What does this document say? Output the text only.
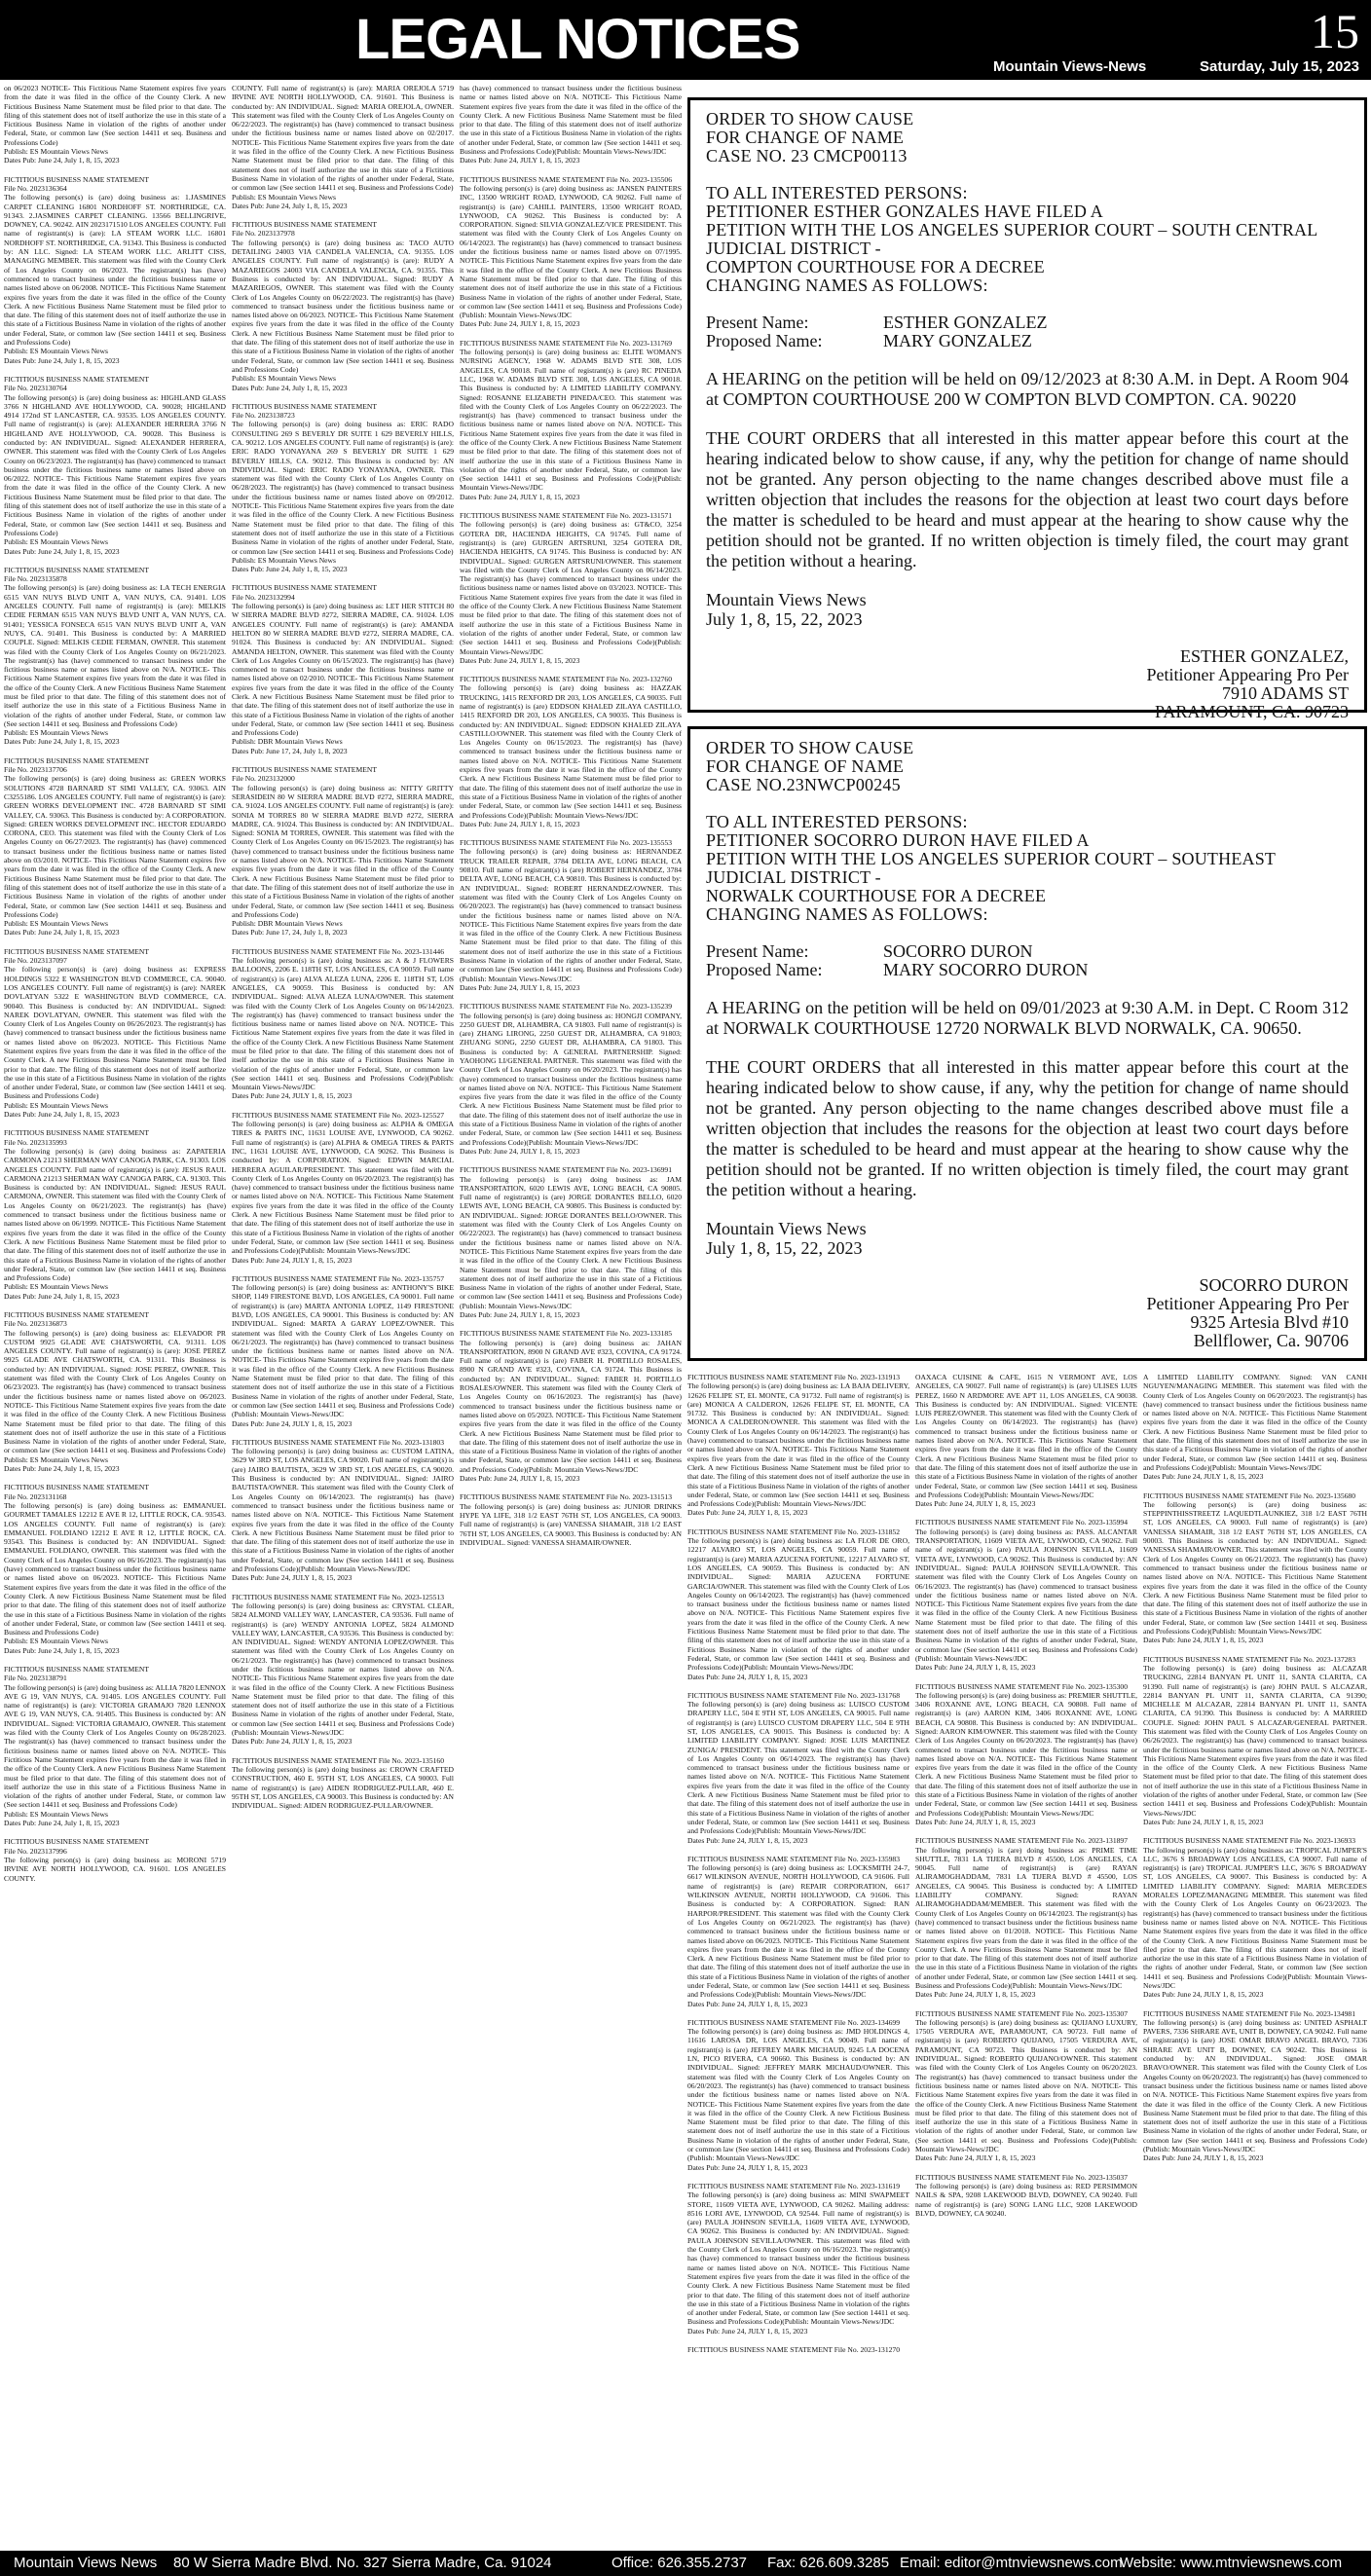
LEGAL NOTICES	15
Mountain Views-News	Saturday, July 15, 2023

on 06/2023 NOTICE- This Fictitious Name Statement expires five years from the date it was filed in the office of the County Clerk. A new Fictitious Business Name Statement must be filed prior to that date. The filing of this statement does not of itself authorize the use in this state of a Fictitious Business Name in violation of the rights of another under Federal, State, or common law (See section 14411 et seq. Business and Professions Code)

Publish: ES Mountain Views News

Dates Pub: June 24, July 1, 8, 15, 2023

FICTITIOUS BUSINESS NAME STATEMENT

File No. 2023136364

The following person(s) is (are) doing business as: 1.JASMINES CARPET CLEANING 16801 NORDHOFF ST. NORTHRIDGE, CA. 91343. 2.JASMINES CARPET CLEANING. 13566 BELLINGRIVE, DOWNEY, CA. 90242. AIN 2023171510 LOS ANGELES COUNTY. Full name of registrant(s) is (are): LA STEAM WORK LLC. 16801 NORDHOFF ST. NORTHRIDGE, CA. 91343. This Business is conducted by: AN LLC. Signed: LA STEAM WORK LLC. ARLITT CISS, MANAGING MEMBER. This statement was filed with the County Clerk of Los Angeles County on 06/2023. The registrant(s) has (have) commenced to transact business under the fictitious business name or names listed above on 06/2008. NOTICE- This Fictitious Name Statement expires five years from the date it was filed in the office of the County Clerk. A new Fictitious Business Name Statement must be filed prior to that date. The filing of this statement does not of itself authorize the use in this state of a Fictitious Business Name in violation of the rights of another under Federal, State, or common law (See section 14411 et seq. Business and Professions Code)

Publish: ES Mountain Views News

Dates Pub: June 24, July 1, 8, 15, 2023

FICTITIOUS BUSINESS NAME STATEMENT

File No. 2023130764

The following person(s) is (are) doing business as: HIGHLAND GLASS 3766 N HIGHLAND AVE HOLLYWOOD, CA. 90028; HIGHLAND 4914 172nd ST LANCASTER, CA. 93535. LOS ANGELES COUNTY. Full name of registrant(s) is (are): ALEXANDER HERRERA 3766 N HIGHLAND AVE HOLLYWOOD, CA. 90028. This Business is conducted by: AN INDIVIDUAL. Signed: ALEXANDER HERRERA, OWNER. This statement was filed with the County Clerk of Los Angeles County on 06/23/2023. The registrant(s) has (have) commenced to transact business under the fictitious business name or names listed above on 06/2022. NOTICE- This Fictitious Name Statement expires five years from the date it was filed in the office of the County Clerk. A new Fictitious Business Name Statement must be filed prior to that date. The filing of this statement does not of itself authorize the use in this state of a Fictitious Business Name in violation of the rights of another under Federal, State, or common law (See section 14411 et seq. Business and Professions Code)

Publish: ES Mountain Views News

Dates Pub: June 24, July 1, 8, 15, 2023

FICTITIOUS BUSINESS NAME STATEMENT

File No. 2023135878

The following person(s) is (are) doing business as: LA TECH ENERGIA 6515 VAN NUYS BLVD UNIT A, VAN NUYS, CA. 91401. LOS ANGELES COUNTY. Full name of registrant(s) is (are): MELKIS CEDIE FERMAN 6515 VAN NUYS BLVD UNIT A, VAN NUYS, CA. 91401; YESSICA FONSECA 6515 VAN NUYS BLVD UNIT A, VAN NUYS, CA. 91401. This Business is conducted by: A MARRIED COUPLE. Signed: MELKIS CEDIE FERMAN, OWNER. This statement was filed with the County Clerk of Los Angeles County on 06/21/2023. The registrant(s) has (have) commenced to transact business under the fictitious business name or names listed above on N/A. NOTICE- This Fictitious Name Statement expires five years from the date it was filed in the office of the County Clerk. A new Fictitious Business Name Statement must be filed prior to that date. The filing of this statement does not of itself authorize the use in this state of a Fictitious Business Name in violation of the rights of another under Federal, State, or common law (See section 14411 et seq. Business and Professions Code)

Publish: ES Mountain Views News

Dates Pub: June 24, July 1, 8, 15, 2023

FICTITIOUS BUSINESS NAME STATEMENT

File No. 2023137706

The following person(s) is (are) doing business as: GREEN WORKS SOLUTIONS 4728 BARNARD ST SIMI VALLEY, CA. 93063. AIN C3255186. LOS ANGELES COUNTY. Full name of registrant(s) is (are): GREEN WORKS DEVELOPMENT INC. 4728 BARNARD ST SIMI VALLEY, CA. 93063. This Business is conducted by: A CORPORATION. Signed: GREEN WORKS DEVELOPMENT INC. HECTOR EDUARDO CORONA, CEO. This statement was filed with the County Clerk of Los Angeles County on 06/27/2023. The registrant(s) has (have) commenced to transact business under the fictitious business name or names listed above on 03/2010. NOTICE- This Fictitious Name Statement expires five years from the date it was filed in the office of the County Clerk. A new Fictitious Business Name Statement must be filed prior to that date. The filing of this statement does not of itself authorize the use in this state of a Fictitious Business Name in violation of the rights of another under Federal, State, or common law (See section 14411 et seq. Business and Professions Code)

Publish: ES Mountain Views News

Dates Pub: June 24, July 1, 8, 15, 2023

FICTITIOUS BUSINESS NAME STATEMENT

File No. 2023137097

The following person(s) is (are) doing business as: EXPRESS HOLDINGS 5322 E WASHINGTON BLVD COMMERCE, CA. 90040. LOS ANGELES COUNTY. Full name of registrant(s) is (are): NAREK DOVLATYAN 5322 E WASHINGTON BLVD COMMERCE, CA. 90040. This Business is conducted by: AN INDIVIDUAL. Signed: NAREK DOVLATYAN, OWNER. This statement was filed with the County Clerk of Los Angeles County on 06/26/2023. The registrant(s) has (have) commenced to transact business under the fictitious business name or names listed above on 06/2023. NOTICE- This Fictitious Name Statement expires five years from the date it was filed in the office of the County Clerk. A new Fictitious Business Name Statement must be filed prior to that date. The filing of this statement does not of itself authorize the use in this state of a Fictitious Business Name in violation of the rights of another under Federal, State, or common law (See section 14411 et seq. Business and Professions Code)

Publish: ES Mountain Views News

Dates Pub: June 24, July 1, 8, 15, 2023

FICTITIOUS BUSINESS NAME STATEMENT

File No. 2023135993

The following person(s) is (are) doing business as: ZAPATERIA CARMONA 21213 SHERMAN WAY CANOGA PARK, CA. 91303. LOS ANGELES COUNTY. Full name of registrant(s) is (are): JESUS RAUL CARMONA 21213 SHERMAN WAY CANOGA PARK, CA. 91303. This Business is conducted by: AN INDIVIDUAL. Signed: JESUS RAUL CARMONA, OWNER. This statement was filed with the County Clerk of Los Angeles County on 06/21/2023. The registrant(s) has (have) commenced to transact business under the fictitious business name or names listed above on 06/1999. NOTICE- This Fictitious Name Statement expires five years from the date it was filed in the office of the County Clerk. A new Fictitious Business Name Statement must be filed prior to that date. The filing of this statement does not of itself authorize the use in this state of a Fictitious Business Name in violation of the rights of another under Federal, State, or common law (See section 14411 et seq. Business and Professions Code)

Publish: ES Mountain Views News

Dates Pub: June 24, July 1, 8, 15, 2023

FICTITIOUS BUSINESS NAME STATEMENT

File No. 2023136873

The following person(s) is (are) doing business as: ELEVADOR PR CUSTOM 9925 GLADE AVE CHATSWORTH, CA. 91311. LOS ANGELES COUNTY. Full name of registrant(s) is (are): JOSE PEREZ 9925 GLADE AVE CHATSWORTH, CA. 91311. This Business is conducted by: AN INDIVIDUAL. Signed: JOSE PEREZ, OWNER. This statement was filed with the County Clerk of Los Angeles County on 06/23/2023. The registrant(s) has (have) commenced to transact business under the fictitious business name or names listed above on 06/2023. NOTICE- This Fictitious Name Statement expires five years from the date it was filed in the office of the County Clerk. A new Fictitious Business Name Statement must be filed prior to that date. The filing of this statement does not of itself authorize the use in this state of a Fictitious Business Name in violation of the rights of another under Federal, State, or common law (See section 14411 et seq. Business and Professions Code)

Publish: ES Mountain Views News

Dates Pub: June 24, July 1, 8, 15, 2023

FICTITIOUS BUSINESS NAME STATEMENT

File No. 2023131168

The following person(s) is (are) doing business as: EMMANUEL GOURMET TAMALES 12212 E AVE R 12, LITTLE ROCK, CA. 93543. LOS ANGELES COUNTY. Full name of registrant(s) is (are): EMMANUEL FOLDIANO 12212 E AVE R 12, LITTLE ROCK, CA. 93543. This Business is conducted by: AN INDIVIDUAL. Signed: EMMANUEL FOLDIANO, OWNER. This statement was filed with the County Clerk of Los Angeles County on 06/16/2023. The registrant(s) has (have) commenced to transact business under the fictitious business name or names listed above on 06/2023. NOTICE- This Fictitious Name Statement expires five years from the date it was filed in the office of the County Clerk. A new Fictitious Business Name Statement must be filed prior to that date. The filing of this statement does not of itself authorize the use in this state of a Fictitious Business Name in violation of the rights of another under Federal, State, or common law (See section 14411 et seq. Business and Professions Code)

Publish: ES Mountain Views News

Dates Pub: June 24, July 1, 8, 15, 2023

FICTITIOUS BUSINESS NAME STATEMENT

File No. 2023138791

The following person(s) is (are) doing business as: ALLIA 7820 LENNOX AVE G 19, VAN NUYS, CA. 91405. LOS ANGELES COUNTY. Full name of registrant(s) is (are): VICTORIA GRAMAJO 7820 LENNOX AVE G 19, VAN NUYS, CA. 91405. This Business is conducted by: AN INDIVIDUAL. Signed: VICTORIA GRAMAJO, OWNER. This statement was filed with the County Clerk of Los Angeles County on 06/28/2023. The registrant(s) has (have) commenced to transact business under the fictitious business name or names listed above on N/A. NOTICE- This Fictitious Name Statement expires five years from the date it was filed in the office of the County Clerk. A new Fictitious Business Name Statement must be filed prior to that date. The filing of this statement does not of itself authorize the use in this state of a Fictitious Business Name in violation of the rights of another under Federal, State, or common law (See section 14411 et seq. Business and Professions Code)

Publish: ES Mountain Views News

Dates Pub: June 24, July 1, 8, 15, 2023

FICTITIOUS BUSINESS NAME STATEMENT

File No. 2023137996

The following person(s) is (are) doing business as: MORONI 5719 IRVINE AVE NORTH HOLLYWOOD, CA. 91601. LOS ANGELES COUNTY.

COUNTY. Full name of registrant(s) is (are): MARIA OREJOLA 5719 IRVINE AVE NORTH HOLLYWOOD, CA. 91601. This Business is conducted by: AN INDIVIDUAL. Signed: MARIA OREJOLA, OWNER. This statement was filed with the County Clerk of Los Angeles County on 06/22/2023. The registrant(s) has (have) commenced to transact business under the fictitious business name or names listed above on 02/2017. NOTICE- This Fictitious Name Statement expires five years from the date it was filed in the office of the County Clerk. A new Fictitious Business Name Statement must be filed prior to that date. The filing of this statement does not of itself authorize the use in this state of a Fictitious Business Name in violation of the rights of another under Federal, State, or common law (See section 14411 et seq. Business and Professions Code)

Publish: ES Mountain Views News

Dates Pub: June 24, July 1, 8, 15, 2023

FICTITIOUS BUSINESS NAME STATEMENT

File No. 2023137978

The following person(s) is (are) doing business as: TACO AUTO DETAILING 24003 VIA CANDELA VALENCIA, CA. 91355. LOS ANGELES COUNTY. Full name of registrant(s) is (are): RUDY A MAZARIEGOS 24003 VIA CANDELA VALENCIA, CA. 91355. This Business is conducted by: AN INDIVIDUAL. Signed: RUDY A MAZARIEGOS, OWNER. This statement was filed with the County Clerk of Los Angeles County on 06/22/2023. The registrant(s) has (have) commenced to transact business under the fictitious business name or names listed above on 06/2023. NOTICE- This Fictitious Name Statement expires five years from the date it was filed in the office of the County Clerk. A new Fictitious Business Name Statement must be filed prior to that date. The filing of this statement does not of itself authorize the use in this state of a Fictitious Business Name in violation of the rights of another under Federal, State, or common law (See section 14411 et seq. Business and Professions Code)

Publish: ES Mountain Views News

Dates Pub: June 24, July 1, 8, 15, 2023

FICTITIOUS BUSINESS NAME STATEMENT

File No. 2023138723

The following person(s) is (are) doing business as: ERIC RADO CONSULTING 269 S BEVERLY DR SUITE 1 629 BEVERLY HILLS, CA. 90212. LOS ANGELES COUNTY. Full name of registrant(s) is (are): ERIC RADO YONAYANA 269 S BEVERLY DR SUITE 1 629 BEVERLY HILLS, CA. 90212. This Business is conducted by: AN INDIVIDUAL. Signed: ERIC RADO YONAYANA, OWNER. This statement was filed with the County Clerk of Los Angeles County on 06/28/2023. The registrant(s) has (have) commenced to transact business under the fictitious business name or names listed above on 09/2012. NOTICE- This Fictitious Name Statement expires five years from the date it was filed in the office of the County Clerk. A new Fictitious Business Name Statement must be filed prior to that date. The filing of this statement does not of itself authorize the use in this state of a Fictitious Business Name in violation of the rights of another under Federal, State, or common law (See section 14411 et seq. Business and Professions Code)

Publish: ES Mountain Views News

Dates Pub: June 24, July 1, 8, 15, 2023

FICTITIOUS BUSINESS NAME STATEMENT

File No. 2023132994

The following person(s) is (are) doing business as: LET HER STITCH 80 W SIERRA MADRE BLVD #272, SIERRA MADRE, CA. 91024. LOS ANGELES COUNTY. Full name of registrant(s) is (are): AMANDA HELTON 80 W SIERRA MADRE BLVD #272, SIERRA MADRE, CA. 91024. This Business is conducted by: AN INDIVIDUAL. Signed: AMANDA HELTON, OWNER. This statement was filed with the County Clerk of Los Angeles County on 06/15/2023. The registrant(s) has (have) commenced to transact business under the fictitious business name or names listed above on 02/2010. NOTICE- This Fictitious Name Statement expires five years from the date it was filed in the office of the County Clerk. A new Fictitious Business Name Statement must be filed prior to that date. The filing of this statement does not of itself authorize the use in this state of a Fictitious Business Name in violation of the rights of another under Federal, State, or common law (See section 14411 et seq. Business and Professions Code)

Publish: DBR Mountain Views News

Dates Pub: June 17, 24, July 1, 8, 2023

FICTITIOUS BUSINESS NAME STATEMENT

File No. 2023132000

The following person(s) is (are) doing business as: NITTY GRITTY SERASIDEIN 80 W SIERRA MADRE BLVD #272, SIERRA MADRE, CA. 91024. LOS ANGELES COUNTY. Full name of registrant(s) is (are): SONIA M TORRES 80 W SIERRA MADRE BLVD #272, SIERRA MADRE, CA. 91024. This Business is conducted by: AN INDIVIDUAL. Signed: SONIA M TORRES, OWNER. This statement was filed with the County Clerk of Los Angeles County on 06/15/2023. The registrant(s) has (have) commenced to transact business under the fictitious business name or names listed above on N/A. NOTICE- This Fictitious Name Statement expires five years from the date it was filed in the office of the County Clerk. A new Fictitious Business Name Statement must be filed prior to that date. The filing of this statement does not of itself authorize the use in this state of a Fictitious Business Name in violation of the rights of another under Federal, State, or common law (See section 14411 et seq. Business and Professions Code)

Publish: DBR Mountain Views News

Dates Pub: June 17, 24, July 1, 8, 2023

FICTITIOUS BUSINESS NAME STATEMENT File No. 2023-131446

The following person(s) is (are) doing business as: A & J FLOWERS BALLOONS, 2206 E. 118TH ST, LOS ANGELES, CA 90059. Full name of registrant(s) is (are) ALVA ALEZA LUNA, 2206 E. 118TH ST, LOS ANGELES, CA 90059. This Business is conducted by: AN INDIVIDUAL. Signed: ALVA ALEZA LUNA/OWNER. This statement was filed with the County Clerk of Los Angeles County on 06/14/2023. The registrant(s) has (have) commenced to transact business under the fictitious business name or names listed above on N/A. NOTICE- This Fictitious Name Statement expires five years from the date it was filed in the office of the County Clerk. A new Fictitious Business Name Statement must be filed prior to that date. The filing of this statement does not of itself authorize the use in this state of a Fictitious Business Name in violation of the rights of another under Federal, State, or common law (See section 14411 et seq. Business and Professions Code)(Publish: Mountain Views-News/JDC

Dates Pub: June 24, JULY 1, 8, 15, 2023

FICTITIOUS BUSINESS NAME STATEMENT File No. 2023-125527

The following person(s) is (are) doing business as: ALPHA & OMEGA TIRES & PARTS INC, 11631 LOUISE AVE, LYNWOOD, CA 90262. Full name of registrant(s) is (are) ALPHA & OMEGA TIRES & PARTS INC, 11631 LOUISE AVE, LYNWOOD, CA 90262. This Business is conducted by: A CORPORATION. Signed: EDWIN MARCIAL HERRERA AGUILAR/PRESIDENT. This statement was filed with the County Clerk of Los Angeles County on 06/20/2023. The registrant(s) has (have) commenced to transact business under the fictitious business name or names listed above on N/A. NOTICE- This Fictitious Name Statement expires five years from the date it was filed in the office of the County Clerk. A new Fictitious Business Name Statement must be filed prior to that date. The filing of this statement does not of itself authorize the use in this state of a Fictitious Business Name in violation of the rights of another under Federal, State, or common law (See section 14411 et seq. Business and Professions Code)(Publish: Mountain Views-News/JDC

Dates Pub: June 24, JULY 1, 8, 15, 2023

FICTITIOUS BUSINESS NAME STATEMENT File No. 2023-135757

The following person(s) is (are) doing business as: ANTHONY'S BIKE SHOP, 1149 FIRESTONE BLVD, LOS ANGELES, CA 90001. Full name of registrant(s) is (are) MARTA ANTONIA LOPEZ, 1149 FIRESTONE BLVD, LOS ANGELES, CA 90001. This Business is conducted by: AN INDIVIDUAL. Signed: MARTA A GARAY LOPEZ/OWNER. This statement was filed with the County Clerk of Los Angeles County on 06/21/2023. The registrant(s) has (have) commenced to transact business under the fictitious business name or names listed above on N/A. NOTICE- This Fictitious Name Statement expires five years from the date it was filed in the office of the County Clerk. A new Fictitious Business Name Statement must be filed prior to that date. The filing of this statement does not of itself authorize the use in this state of a Fictitious Business Name in violation of the rights of another under Federal, State, or common law (See section 14411 et seq. Business and Professions Code)(Publish: Mountain Views-News/JDC

Dates Pub: June 24, JULY 1, 8, 15, 2023

FICTITIOUS BUSINESS NAME STATEMENT File No. 2023-131803

The following person(s) is (are) doing business as: CUSTOM LATINA, 3629 W 3RD ST, LOS ANGELES, CA 90020. Full name of registrant(s) is (are) JAIRO BAUTISTA, 3629 W 3RD ST, LOS ANGELES, CA 90020. This Business is conducted by: AN INDIVIDUAL. Signed: JAIRO BAUTISTA/OWNER. This statement was filed with the County Clerk of Los Angeles County on 06/14/2023. The registrant(s) has (have) commenced to transact business under the fictitious business name or names listed above on N/A. NOTICE- This Fictitious Name Statement expires five years from the date it was filed in the office of the County Clerk. A new Fictitious Business Name Statement must be filed prior to that date. The filing of this statement does not of itself authorize the use in this state of a Fictitious Business Name in violation of the rights of another under Federal, State, or common law (See section 14411 et seq. Business and Professions Code)(Publish: Mountain Views-News/JDC

Dates Pub: June 24, JULY 1, 8, 15, 2023

FICTITIOUS BUSINESS NAME STATEMENT File No. 2023-125513

The following person(s) is (are) doing business as: CRYSTAL CLEAR, 5824 ALMOND VALLEY WAY, LANCASTER, CA 93536. Full name of registrant(s) is (are) WENDY ANTONIA LOPEZ, 5824 ALMOND VALLEY WAY, LANCASTER, CA 93536. This Business is conducted by: AN INDIVIDUAL. Signed: WENDY ANTONIA LOPEZ/OWNER. This statement was filed with the County Clerk of Los Angeles County on 06/21/2023. The registrant(s) has (have) commenced to transact business under the fictitious business name or names listed above on N/A. NOTICE- This Fictitious Name Statement expires five years from the date it was filed in the office of the County Clerk. A new Fictitious Business Name Statement must be filed prior to that date. The filing of this statement does not of itself authorize the use in this state of a Fictitious Business Name in violation of the rights of another under Federal, State, or common law (See section 14411 et seq. Business and Professions Code)(Publish: Mountain Views-News/JDC

Dates Pub: June 24, JULY 1, 8, 15, 2023

FICTITIOUS BUSINESS NAME STATEMENT File No. 2023-135160

The following person(s) is (are) doing business as: CROWN CRAFTED CONSTRUCTION, 460 E. 95TH ST, LOS ANGELES, CA 90003. Full name of registrant(s) is (are) AIDEN RODRIGUEZ-PULLAR, 460 E. 95TH ST, LOS ANGELES, CA 90003. This Business is conducted by: AN INDIVIDUAL. Signed: AIDEN RODRIGUEZ-PULLAR/OWNER.

has (have) commenced to transact business under the fictitious business name or names listed above on N/A. NOTICE- This Fictitious Name Statement expires five years from the date it was filed in the office of the County Clerk. A new Fictitious Business Name Statement must be filed prior to that date. The filing of this statement does not of itself authorize the use in this state of a Fictitious Business Name in violation of the rights of another under Federal, State, or common law (See section 14411 et seq. Business and Professions Code)(Publish: Mountain Views-News/JDC

Dates Pub: June 24, JULY 1, 8, 15, 2023

FICTITIOUS BUSINESS NAME STATEMENT File No. 2023-135506

The following person(s) is (are) doing business as: JANSEN PAINTERS INC, 13500 WRIGHT ROAD, LYNWOOD, CA 90262. Full name of registrant(s) is (are) CAHILL PAINTERS, 13500 WRIGHT ROAD, LYNWOOD, CA 90262. This Business is conducted by: A CORPORATION. Signed: SILVIA GONZALEZ/VICE PRESIDENT. This statement was filed with the County Clerk of Los Angeles County on 06/14/2023. The registrant(s) has (have) commenced to transact business under the fictitious business name or names listed above on 07/1995. NOTICE- This Fictitious Name Statement expires five years from the date it was filed in the office of the County Clerk. A new Fictitious Business Name Statement must be filed prior to that date. The filing of this statement does not of itself authorize the use in this state of a Fictitious Business Name in violation of the rights of another under Federal, State, or common law (See section 14411 et seq. Business and Professions Code)(Publish: Mountain Views-News/JDC

Dates Pub: June 24, JULY 1, 8, 15, 2023

FICTITIOUS BUSINESS NAME STATEMENT File No. 2023-131769

The following person(s) is (are) doing business as: ELITE WOMAN'S NURSING AGENCY, 1968 W. ADAMS BLVD STE 308, LOS ANGELES, CA 90018. Full name of registrant(s) is (are) RC PINEDA LLC, 1968 W. ADAMS BLVD STE 308, LOS ANGELES, CA 90018. This Business is conducted by: A LIMITED LIABILITY COMPANY. Signed: ROSANNE ELIZABETH PINEDA/CEO. This statement was filed with the County Clerk of Los Angeles County on 06/22/2023. The registrant(s) has (have) commenced to transact business under the fictitious business name or names listed above on N/A. NOTICE- This Fictitious Name Statement expires five years from the date it was filed in the office of the County Clerk. A new Fictitious Business Name Statement must be filed prior to that date. The filing of this statement does not of itself authorize the use in this state of a Fictitious Business Name in violation of the rights of another under Federal, State, or common law (See section 14411 et seq. Business and Professions Code)(Publish: Mountain Views-News/JDC

Dates Pub: June 24, JULY 1, 8, 15, 2023

FICTITIOUS BUSINESS NAME STATEMENT File No. 2023-131571

The following person(s) is (are) doing business as: GT&CO, 3254 GOTERA DR, HACIENDA HEIGHTS, CA 91745. Full name of registrant(s) is (are) GURGEN ARTSRUNI, 3254 GOTERA DR, HACIENDA HEIGHTS, CA 91745. This Business is conducted by: AN INDIVIDUAL. Signed: GURGEN ARTSRUNI/OWNER. This statement was filed with the County Clerk of Los Angeles County on 06/14/2023. The registrant(s) has (have) commenced to transact business under the fictitious business name or names listed above on 03/2023. NOTICE- This Fictitious Name Statement expires five years from the date it was filed in the office of the County Clerk. A new Fictitious Business Name Statement must be filed prior to that date. The filing of this statement does not of itself authorize the use in this state of a Fictitious Business Name in violation of the rights of another under Federal, State, or common law (See section 14411 et seq. Business and Professions Code)(Publish: Mountain Views-News/JDC

Dates Pub: June 24, JULY 1, 8, 15, 2023

FICTITIOUS BUSINESS NAME STATEMENT File No. 2023-132760

The following person(s) is (are) doing business as: HAZZAK TRUCKING, 1415 REXFORD DR 203, LOS ANGELES, CA 90035. Full name of registrant(s) is (are) EDDSON KHALED ZILAYA CASTILLO, 1415 REXFORD DR 203, LOS ANGELES, CA 90035. This Business is conducted by: AN INDIVIDUAL. Signed: EDDSON KHALED ZILAYA CASTILLO/OWNER. This statement was filed with the County Clerk of Los Angeles County on 06/15/2023. The registrant(s) has (have) commenced to transact business under the fictitious business name or names listed above on N/A. NOTICE- This Fictitious Name Statement expires five years from the date it was filed in the office of the County Clerk. A new Fictitious Business Name Statement must be filed prior to that date. The filing of this statement does not of itself authorize the use in this state of a Fictitious Business Name in violation of the rights of another under Federal, State, or common law (See section 14411 et seq. Business and Professions Code)(Publish: Mountain Views-News/JDC

Dates Pub: June 24, JULY 1, 8, 15, 2023

FICTITIOUS BUSINESS NAME STATEMENT File No. 2023-135553

The following person(s) is (are) doing business as: HERNANDEZ TRUCK TRAILER REPAIR, 3784 DELTA AVE, LONG BEACH, CA 90810. Full name of registrant(s) is (are) ROBERT HERNANDEZ, 3784 DELTA AVE, LONG BEACH, CA 90810. This Business is conducted by: AN INDIVIDUAL. Signed: ROBERT HERNANDEZ/OWNER. This statement was filed with the County Clerk of Los Angeles County on 06/20/2023. The registrant(s) has (have) commenced to transact business under the fictitious business name or names listed above on N/A. NOTICE- This Fictitious Name Statement expires five years from the date it was filed in the office of the County Clerk. A new Fictitious Business Name Statement must be filed prior to that date. The filing of this statement does not of itself authorize the use in this state of a Fictitious Business Name in violation of the rights of another under Federal, State, or common law (See section 14411 et seq. Business and Professions Code)(Publish: Mountain Views-News/JDC

Dates Pub: June 24, JULY 1, 8, 15, 2023

FICTITIOUS BUSINESS NAME STATEMENT File No. 2023-135239

The following person(s) is (are) doing business as: HONGJI COMPANY, 2250 GUEST DR, ALHAMBRA, CA 91803. Full name of registrant(s) is (are) ZHANG LIRONG, 2250 GUEST DR, ALHAMBRA, CA 91803; ZHUANG SONG, 2250 GUEST DR, ALHAMBRA, CA 91803. This Business is conducted by: A GENERAL PARTNERSHIP. Signed: YAOHONG LI/GENERAL PARTNER. This statement was filed with the County Clerk of Los Angeles County on 06/20/2023. The registrant(s) has (have) commenced to transact business under the fictitious business name or names listed above on N/A. NOTICE- This Fictitious Name Statement expires five years from the date it was filed in the office of the County Clerk. A new Fictitious Business Name Statement must be filed prior to that date. The filing of this statement does not of itself authorize the use in this state of a Fictitious Business Name in violation of the rights of another under Federal, State, or common law (See section 14411 et seq. Business and Professions Code)(Publish: Mountain Views-News/JDC

Dates Pub: June 24, JULY 1, 8, 15, 2023

FICTITIOUS BUSINESS NAME STATEMENT File No. 2023-136991

The following person(s) is (are) doing business as: JAM TRANSPORTATION, 6020 LEWIS AVE, LONG BEACH, CA 90805. Full name of registrant(s) is (are) JORGE DORANTES BELLO, 6020 LEWIS AVE, LONG BEACH, CA 90805. This Business is conducted by: AN INDIVIDUAL. Signed: JORGE DORANTES BELLO/OWNER. This statement was filed with the County Clerk of Los Angeles County on 06/22/2023. The registrant(s) has (have) commenced to transact business under the fictitious business name or names listed above on N/A. NOTICE- This Fictitious Name Statement expires five years from the date it was filed in the office of the County Clerk. A new Fictitious Business Name Statement must be filed prior to that date. The filing of this statement does not of itself authorize the use in this state of a Fictitious Business Name in violation of the rights of another under Federal, State, or common law (See section 14411 et seq. Business and Professions Code)(Publish: Mountain Views-News/JDC

Dates Pub: June 24, JULY 1, 8, 15, 2023

FICTITIOUS BUSINESS NAME STATEMENT File No. 2023-133185

The following person(s) is (are) doing business as: JAHAN TRANSPORTATION, 8900 N GRAND AVE #323, COVINA, CA 91724. Full name of registrant(s) is (are) FABER H. PORTILLO ROSALES, 8900 N GRAND AVE #323, COVINA, CA 91724. This Business is conducted by: AN INDIVIDUAL. Signed: FABER H. PORTILLO ROSALES/OWNER. This statement was filed with the County Clerk of Los Angeles County on 06/16/2023. The registrant(s) has (have) commenced to transact business under the fictitious business name or names listed above on 05/2023. NOTICE- This Fictitious Name Statement expires five years from the date it was filed in the office of the County Clerk. A new Fictitious Business Name Statement must be filed prior to that date. The filing of this statement does not of itself authorize the use in this state of a Fictitious Business Name in violation of the rights of another under Federal, State, or common law (See section 14411 et seq. Business and Professions Code)(Publish: Mountain Views-News/JDC

Dates Pub: June 24, JULY 1, 8, 15, 2023

FICTITIOUS BUSINESS NAME STATEMENT File No. 2023-131513

The following person(s) is (are) doing business as: JUNIOR DRINKS HYPE YA LIFE, 318 1/2 EAST 76TH ST, LOS ANGELES, CA 90003. Full name of registrant(s) is (are) VANESSA SHAMAIR, 318 1/2 EAST 76TH ST, LOS ANGELES, CA 90003. This Business is conducted by: AN INDIVIDUAL. Signed: VANESSA SHAMAIR/OWNER.

FICTITIOUS BUSINESS NAME STATEMENT File No. 2023-131913

The following person(s) is (are) doing business as: LA BAJA DELIVERY, 12626 FELIPE ST, EL MONTE, CA 91732. Full name of registrant(s) is (are) MONICA A CALDERON, 12626 FELIPE ST, EL MONTE, CA 91732. This Business is conducted by: AN INDIVIDUAL. Signed: MONICA A CALDERON/OWNER. This statement was filed with the County Clerk of Los Angeles County on 06/14/2023. The registrant(s) has (have) commenced to transact business under the fictitious business name or names listed above on N/A. NOTICE- This Fictitious Name Statement expires five years from the date it was filed in the office of the County Clerk. A new Fictitious Business Name Statement must be filed prior to that date. The filing of this statement does not of itself authorize the use in this state of a Fictitious Business Name in violation of the rights of another under Federal, State, or common law (See section 14411 et seq. Business and Professions Code)(Publish: Mountain Views-News/JDC

Dates Pub: June 24, JULY 1, 8, 15, 2023

FICTITIOUS BUSINESS NAME STATEMENT File No. 2023-131852

The following person(s) is (are) doing business as: LA FLOR DE ORO, 12217 ALVARO ST, LOS ANGELES, CA 90059. Full name of registrant(s) is (are) MARIA AZUCENA FORTUNE, 12217 ALVARO ST, LOS ANGELES, CA 90059. This Business is conducted by: AN INDIVIDUAL. Signed: MARIA AZUCENA FORTUNE GARCIA/OWNER. This statement was filed with the County Clerk of Los Angeles County on 06/14/2023. The registrant(s) has (have) commenced to transact business under the fictitious business name or names listed above on N/A. NOTICE- This Fictitious Name Statement expires five years from the date it was filed in the office of the County Clerk. A new Fictitious Business Name Statement must be filed prior to that date. The filing of this statement does not of itself authorize the use in this state of a Fictitious Business Name in violation of the rights of another under Federal, State, or common law (See section 14411 et seq. Business and Professions Code)(Publish: Mountain Views-News/JDC

Dates Pub: June 24, JULY 1, 8, 15, 2023

FICTITIOUS BUSINESS NAME STATEMENT File No. 2023-131768

The following person(s) is (are) doing business as: LUISCO CUSTOM DRAPERY LLC, 504 E 9TH ST, LOS ANGELES, CA 90015. Full name of registrant(s) is (are) LUISCO CUSTOM DRAPERY LLC, 504 E 9TH ST, LOS ANGELES, CA 90015. This Business is conducted by: A LIMITED LIABILITY COMPANY. Signed: JOSE LUIS MARTINEZ ZUNIGA/ PRESIDENT. This statement was filed with the County Clerk of Los Angeles County on 06/14/2023. The registrant(s) has (have) commenced to transact business under the fictitious business name or names listed above on N/A. NOTICE- This Fictitious Name Statement expires five years from the date it was filed in the office of the County Clerk. A new Fictitious Business Name Statement must be filed prior to that date. The filing of this statement does not of itself authorize the use in this state of a Fictitious Business Name in violation of the rights of another under Federal, State, or common law (See section 14411 et seq. Business and Professions Code)(Publish: Mountain Views-News/JDC

Dates Pub: June 24, JULY 1, 8, 15, 2023

FICTITIOUS BUSINESS NAME STATEMENT File No. 2023-135983

The following person(s) is (are) doing business as: LOCKSMITH 24-7, 6617 WILKINSON AVENUE, NORTH HOLLYWOOD, CA 91606. Full name of registrant(s) is (are) REPAIR CORPORATION, 6617 WILKINSON AVENUE, NORTH HOLLYWOOD, CA 91606. This Business is conducted by: A CORPORATION. Signed: RAN HARPOR/PRESIDENT. This statement was filed with the County Clerk of Los Angeles County on 06/21/2023. The registrant(s) has (have) commenced to transact business under the fictitious business name or names listed above on 06/2023. NOTICE- This Fictitious Name Statement expires five years from the date it was filed in the office of the County Clerk. A new Fictitious Business Name Statement must be filed prior to that date. The filing of this statement does not of itself authorize the use in this state of a Fictitious Business Name in violation of the rights of another under Federal, State, or common law (See section 14411 et seq. Business and Professions Code)(Publish: Mountain Views-News/JDC

Dates Pub: June 24, JULY 1, 8, 15, 2023

FICTITIOUS BUSINESS NAME STATEMENT File No. 2023-134699

The following person(s) is (are) doing business as: JMD HOLDINGS 4, 11616 LAROSA DR, LOS ANGELES, CA 90049. Full name of registrant(s) is (are) JEFFREY MARK MICHAUD, 9245 LA DOCENA LN, PICO RIVERA, CA 90660. This Business is conducted by: AN INDIVIDUAL. Signed: JEFFREY MARK MICHAUD/OWNER. This statement was filed with the County Clerk of Los Angeles County on 06/20/2023. The registrant(s) has (have) commenced to transact business under the fictitious business name or names listed above on N/A. NOTICE- This Fictitious Name Statement expires five years from the date it was filed in the office of the County Clerk. A new Fictitious Business Name Statement must be filed prior to that date. The filing of this statement does not of itself authorize the use in this state of a Fictitious Business Name in violation of the rights of another under Federal, State, or common law (See section 14411 et seq. Business and Professions Code)(Publish: Mountain Views-News/JDC

Dates Pub: June 24, JULY 1, 8, 15, 2023

FICTITIOUS BUSINESS NAME STATEMENT File No. 2023-131619

The following person(s) is (are) doing business as: MINI SWAPMEET STORE, 11609 VIETA AVE, LYNWOOD, CA 90262. Mailing address: 8516 LORI AVE, LYNWOOD, CA 92544. Full name of registrant(s) is (are) PAULA JOHNSON SEVILLA, 11609 VIETA AVE, LYNWOOD, CA 90262. This Business is conducted by: AN INDIVIDUAL. Signed: PAULA JOHNSON SEVILLA/OWNER. This statement was filed with the County Clerk of Los Angeles County on 06/16/2023. The registrant(s) has (have) commenced to transact business under the fictitious business name or names listed above on N/A. NOTICE- This Fictitious Name Statement expires five years from the date it was filed in the office of the County Clerk. A new Fictitious Business Name Statement must be filed prior to that date. The filing of this statement does not of itself authorize the use in this state of a Fictitious Business Name in violation of the rights of another under Federal, State, or common law (See section 14411 et seq. Business and Professions Code)(Publish: Mountain Views-News/JDC

Dates Pub: June 24, JULY 1, 8, 15, 2023

FICTITIOUS BUSINESS NAME STATEMENT File No. 2023-131270

OAXACA CUISINE & CAFE, 1615 N VERMONT AVE, LOS ANGELES, CA 90027. Full name of registrant(s) is (are) ULISES LUIS PEREZ, 1660 N ARDMORE AVE APT 11, LOS ANGELES, CA 90038. This Business is conducted by: AN INDIVIDUAL. Signed: VICENTE LUIS PEREZ/OWNER. This statement was filed with the County Clerk of Los Angeles County on 06/14/2023. The registrant(s) has (have) commenced to transact business under the fictitious business name or names listed above on N/A. NOTICE- This Fictitious Name Statement expires five years from the date it was filed in the office of the County Clerk. A new Fictitious Business Name Statement must be filed prior to that date. The filing of this statement does not of itself authorize the use in this state of a Fictitious Business Name in violation of the rights of another under Federal, State, or common law (See section 14411 et seq. Business and Professions Code)(Publish: Mountain Views-News/JDC

Dates Pub: June 24, JULY 1, 8, 15, 2023

FICTITIOUS BUSINESS NAME STATEMENT File No. 2023-135994

The following person(s) is (are) doing business as: PASS. ALCANTAR TRANSPORTATION, 11609 VIETA AVE, LYNWOOD, CA 90262. Full name of registrant(s) is (are) PAULA JOHNSON SEVILLA, 11609 VIETA AVE, LYNWOOD, CA 90262. This Business is conducted by: AN INDIVIDUAL. Signed: PAULA JOHNSON SEVILLA/OWNER. This statement was filed with the County Clerk of Los Angeles County on 06/16/2023. The registrant(s) has (have) commenced to transact business under the fictitious business name or names listed above on N/A. NOTICE- This Fictitious Name Statement expires five years from the date it was filed in the office of the County Clerk. A new Fictitious Business Name Statement must be filed prior to that date. The filing of this statement does not of itself authorize the use in this state of a Fictitious Business Name in violation of the rights of another under Federal, State, or common law (See section 14411 et seq. Business and Professions Code)(Publish: Mountain Views-News/JDC

Dates Pub: June 24, JULY 1, 8, 15, 2023

FICTITIOUS BUSINESS NAME STATEMENT File No. 2023-135300

The following person(s) is (are) doing business as: PREMIER SHUTTLE, 3406 ROXANNE AVE, LONG BEACH, CA 90808. Full name of registrant(s) is (are) AARON KIM, 3406 ROXANNE AVE, LONG BEACH, CA 90808. This Business is conducted by: AN INDIVIDUAL. Signed: AARON KIM/OWNER. This statement was filed with the County Clerk of Los Angeles County on 06/20/2023. The registrant(s) has (have) commenced to transact business under the fictitious business name or names listed above on N/A. NOTICE- This Fictitious Name Statement expires five years from the date it was filed in the office of the County Clerk. A new Fictitious Business Name Statement must be filed prior to that date. The filing of this statement does not of itself authorize the use in this state of a Fictitious Business Name in violation of the rights of another under Federal, State, or common law (See section 14411 et seq. Business and Professions Code)(Publish: Mountain Views-News/JDC

Dates Pub: June 24, JULY 1, 8, 15, 2023

FICTITIOUS BUSINESS NAME STATEMENT File No. 2023-131897

The following person(s) is (are) doing business as: PRIME TIME SHUTTLE, 7831 LA TIJERA BLVD # 45500, LOS ANGELES, CA 90045. Full name of registrant(s) is (are) RAYAN ALIRAMOGHADDAM, 7831 LA TIJERA BLVD # 45500, LOS ANGELES, CA 90045. This Business is conducted by: A LIMITED LIABILITY COMPANY. Signed: RAYAN ALIRAMOGHADDAM/MEMBER. This statement was filed with the County Clerk of Los Angeles County on 06/14/2023. The registrant(s) has (have) commenced to transact business under the fictitious business name or names listed above on 01/2018. NOTICE- This Fictitious Name Statement expires five years from the date it was filed in the office of the County Clerk. A new Fictitious Business Name Statement must be filed prior to that date. The filing of this statement does not of itself authorize the use in this state of a Fictitious Business Name in violation of the rights of another under Federal, State, or common law (See section 14411 et seq. Business and Professions Code)(Publish: Mountain Views-News/JDC

Dates Pub: June 24, JULY 1, 8, 15, 2023

FICTITIOUS BUSINESS NAME STATEMENT File No. 2023-135307

The following person(s) is (are) doing business as: QUIJANO LUXURY, 17505 VERDURA AVE, PARAMOUNT, CA 90723. Full name of registrant(s) is (are) ROBERTO QUIJANO, 17505 VERDURA AVE, PARAMOUNT, CA 90723. This Business is conducted by: AN INDIVIDUAL. Signed: ROBERTO QUIJANO/OWNER. This statement was filed with the County Clerk of Los Angeles County on 06/20/2023. The registrant(s) has (have) commenced to transact business under the fictitious business name or names listed above on N/A. NOTICE- This Fictitious Name Statement expires five years from the date it was filed in the office of the County Clerk. A new Fictitious Business Name Statement must be filed prior to that date. The filing of this statement does not of itself authorize the use in this state of a Fictitious Business Name in violation of the rights of another under Federal, State, or common law (See section 14411 et seq. Business and Professions Code)(Publish: Mountain Views-News/JDC

Dates Pub: June 24, JULY 1, 8, 15, 2023

FICTITIOUS BUSINESS NAME STATEMENT File No. 2023-135037

The following person(s) is (are) doing business as: RED PERSIMMON NAILS & SPA, 9208 LAKEWOOD BLVD, DOWNEY, CA 90240. Full name of registrant(s) is (are) SONG LANG LLC, 9208 LAKEWOOD BLVD, DOWNEY, CA 90240.

A LIMITED LIABILITY COMPANY. Signed: VAN CANH NGUYEN/MANAGING MEMBER. This statement was filed with the County Clerk of Los Angeles County on 06/20/2023. The registrant(s) has (have) commenced to transact business under the fictitious business name or names listed above on N/A. NOTICE- This Fictitious Name Statement expires five years from the date it was filed in the office of the County Clerk. A new Fictitious Business Name Statement must be filed prior to that date. The filing of this statement does not of itself authorize the use in this state of a Fictitious Business Name in violation of the rights of another under Federal, State, or common law (See section 14411 et seq. Business and Professions Code)(Publish: Mountain Views-News/JDC

Dates Pub: June 24, JULY 1, 8, 15, 2023

FICTITIOUS BUSINESS NAME STATEMENT File No. 2023-135680

The following person(s) is (are) doing business as: STEPPINTHISSTREETZ LAQUEDTLAUNKIEZ, 318 1/2 EAST 76TH ST, LOS ANGELES, CA 90003. Full name of registrant(s) is (are) VANESSA SHAMAIR, 318 1/2 EAST 76TH ST, LOS ANGELES, CA 90003. This Business is conducted by: AN INDIVIDUAL. Signed: VANESSA SHAMAIR/OWNER. This statement was filed with the County Clerk of Los Angeles County on 06/21/2023. The registrant(s) has (have) commenced to transact business under the fictitious business name or names listed above on N/A. NOTICE- This Fictitious Name Statement expires five years from the date it was filed in the office of the County Clerk. A new Fictitious Business Name Statement must be filed prior to that date. The filing of this statement does not of itself authorize the use in this state of a Fictitious Business Name in violation of the rights of another under Federal, State, or common law (See section 14411 et seq. Business and Professions Code)(Publish: Mountain Views-News/JDC

Dates Pub: June 24, JULY 1, 8, 15, 2023

FICTITIOUS BUSINESS NAME STATEMENT File No. 2023-137283

The following person(s) is (are) doing business as: ALCAZAR TRUCKING, 22814 BANYAN PL UNIT 11, SANTA CLARITA, CA 91390. Full name of registrant(s) is (are) JOHN PAUL S ALCAZAR, 22814 BANYAN PL UNIT 11, SANTA CLARITA, CA 91390; MICHELLE M ALCAZAR, 22814 BANYAN PL UNIT 11, SANTA CLARITA, CA 91390. This Business is conducted by: A MARRIED COUPLE. Signed: JOHN PAUL S ALCAZAR/GENERAL PARTNER. This statement was filed with the County Clerk of Los Angeles County on 06/26/2023. The registrant(s) has (have) commenced to transact business under the fictitious business name or names listed above on N/A. NOTICE- This Fictitious Name Statement expires five years from the date it was filed in the office of the County Clerk. A new Fictitious Business Name Statement must be filed prior to that date. The filing of this statement does not of itself authorize the use in this state of a Fictitious Business Name in violation of the rights of another under Federal, State, or common law (See section 14411 et seq. Business and Professions Code)(Publish: Mountain Views-News/JDC

Dates Pub: June 24, JULY 1, 8, 15, 2023

FICTITIOUS BUSINESS NAME STATEMENT File No. 2023-136933

The following person(s) is (are) doing business as: TROPICAL JUMPER'S LLC, 3676 S BROADWAY LOS ANGELES, CA 90007. Full name of registrant(s) is (are) TROPICAL JUMPER'S LLC, 3676 S BROADWAY ST, LOS ANGELES, CA 90007. This Business is conducted by: A LIMITED LIABILITY COMPANY. Signed: MARIA MERCEDES MORALES LOPEZ/MANAGING MEMBER. This statement was filed with the County Clerk of Los Angeles County on 06/23/2023. The registrant(s) has (have) commenced to transact business under the fictitious business name or names listed above on N/A. NOTICE- This Fictitious Name Statement expires five years from the date it was filed in the office of the County Clerk. A new Fictitious Business Name Statement must be filed prior to that date. The filing of this statement does not of itself authorize the use in this state of a Fictitious Business Name in violation of the rights of another under Federal, State, or common law (See section 14411 et seq. Business and Professions Code)(Publish: Mountain Views-News/JDC

Dates Pub: June 24, JULY 1, 8, 15, 2023

FICTITIOUS BUSINESS NAME STATEMENT File No. 2023-134981

The following person(s) is (are) doing business as: UNITED ASPHALT PAVERS, 7336 SHRARE AVE, UNIT B, DOWNEY, CA 90242. Full name of registrant(s) is (are) JOSE OMAR BRAVO ANGEL BRAVO, 7336 SHRARE AVE UNIT B, DOWNEY, CA 90242. This Business is conducted by: AN INDIVIDUAL. Signed: JOSE OMAR BRAVO/OWNER. This statement was filed with the County Clerk of Los Angeles County on 06/20/2023. The registrant(s) has (have) commenced to transact business under the fictitious business name or names listed above on N/A. NOTICE- This Fictitious Name Statement expires five years from the date it was filed in the office of the County Clerk. A new Fictitious Business Name Statement must be filed prior to that date. The filing of this statement does not of itself authorize the use in this state of a Fictitious Business Name in violation of the rights of another under Federal, State, or common law (See section 14411 et seq. Business and Professions Code)(Publish: Mountain Views-News/JDC

Dates Pub: June 24, JULY 1, 8, 15, 2023

ORDER TO SHOW CAUSE
FOR CHANGE OF NAME
CASE NO. 23 CMCP00113
TO ALL INTERESTED PERSONS:
PETITIONER ESTHER GONZALES HAVE FILED A
PETITION WITH THE LOS ANGELES SUPERIOR COURT – SOUTH CENTRAL
JUDICIAL DISTRICT -
COMPTON COURTHOUSE FOR A DECREE
CHANGING NAMES AS FOLLOWS:
Present Name:	ESTHER GONZALEZ
Proposed Name:	MARY GONZALEZ
A HEARING on the petition will be held on 09/12/2023 at 8:30 A.M. in Dept. A Room 904 at COMPTON COURTHOUSE 200 W COMPTON BLVD COMPTON. CA. 90220
THE COURT ORDERS that all interested in this matter appear before this court at the hearing indicated below to show cause, if any, why the petition for change of name should not be granted. Any person objecting to the name changes described above must file a written objection that includes the reasons for the objection at least two court days before the matter is scheduled to be heard and must appear at the hearing to show cause why the petition should not be granted. If no written objection is timely filed, the court may grant the petition without a hearing.
Mountain Views News
July 1, 8, 15, 22, 2023
ESTHER GONZALEZ,
Petitioner Appearing Pro Per
7910 ADAMS ST
PARAMOUNT, CA. 90723
ORDER TO SHOW CAUSE
FOR CHANGE OF NAME
CASE NO.23NWCP00245
TO ALL INTERESTED PERSONS:
PETITIONER SOCORRO DURON HAVE FILED A
PETITION WITH THE LOS ANGELES SUPERIOR COURT – SOUTHEAST
JUDICIAL DISTRICT -
NORWALK COURTHOUSE FOR A DECREE
CHANGING NAMES AS FOLLOWS:
Present Name:	SOCORRO DURON
Proposed Name:	MARY SOCORRO DURON
A HEARING on the petition will be held on 09/01/2023 at 9:30 A.M. in Dept. C Room 312 at NORWALK COURTHOUSE 12720 NORWALK BLVD NORWALK, CA. 90650.
THE COURT ORDERS that all interested in this matter appear before this court at the hearing indicated below to show cause, if any, why the petition for change of name should not be granted. Any person objecting to the name changes described above must file a written objection that includes the reasons for the objection at least two court days before the matter is scheduled to be heard and must appear at the hearing to show cause why the petition should not be granted. If no written objection is timely filed, the court may grant the petition without a hearing.
Mountain Views News
July 1, 8, 15, 22, 2023
SOCORRO DURON
Petitioner Appearing Pro Per
9325 Artesia Blvd #10
Bellflower, Ca. 90706
Mountain Views News 80 W Sierra Madre Blvd. No. 327 Sierra Madre, Ca. 91024	Office: 626.355.2737 Fax: 626.609.3285 Email: editor@mtnviewsnews.com
Website: www.mtnviewsnews.com
